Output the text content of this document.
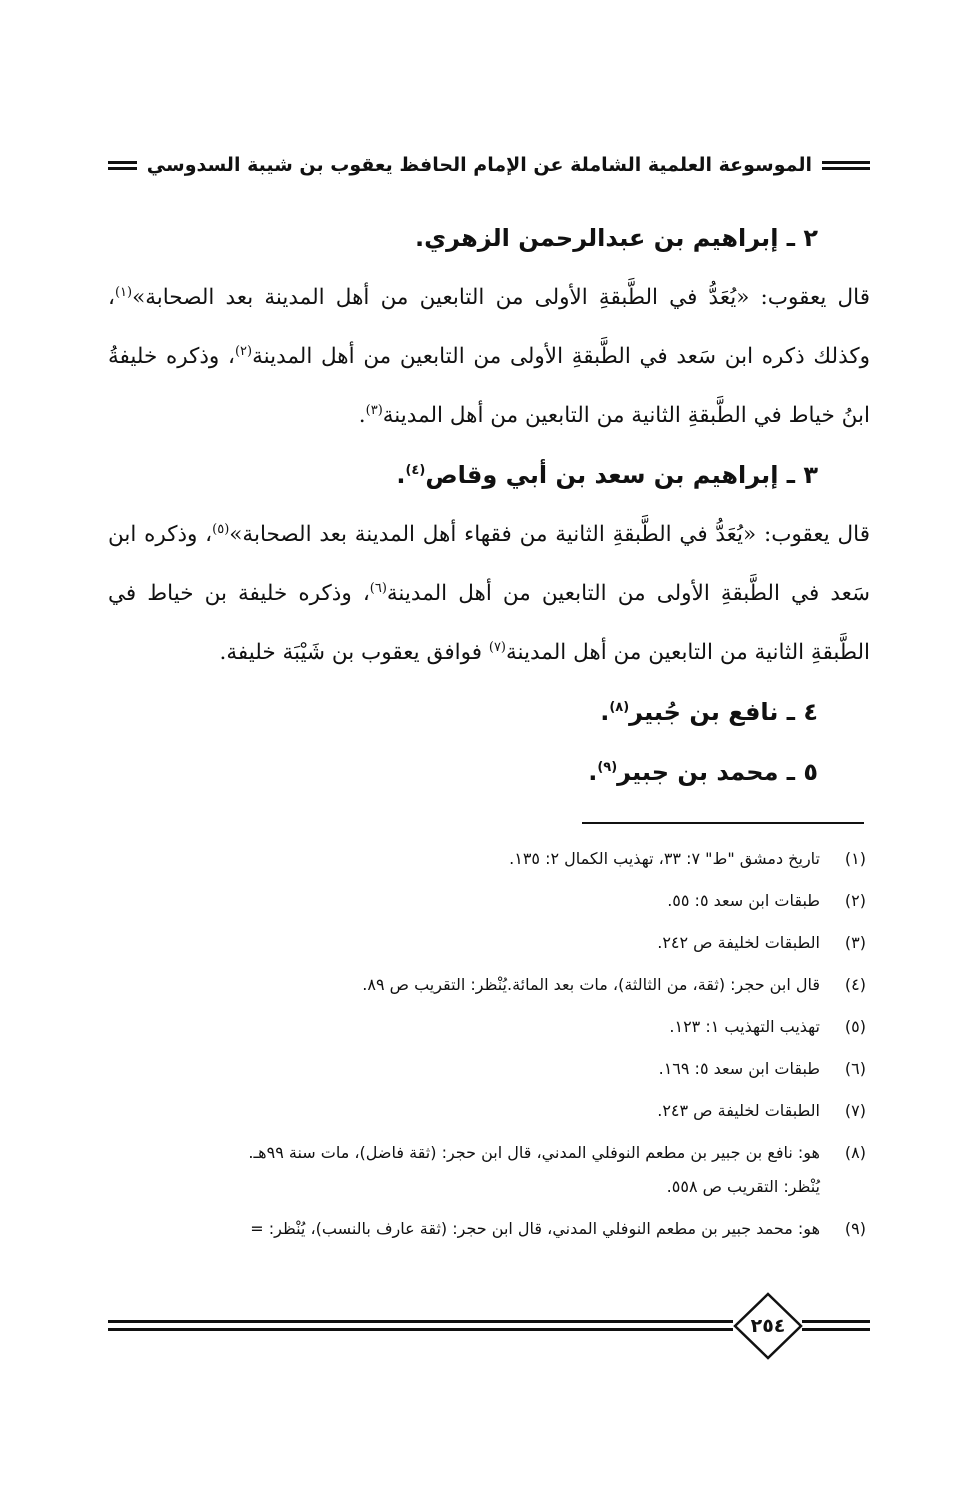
الموسوعة العلمية الشاملة عن الإمام الحافظ يعقوب بن شيبة السدوسي
٢ ـ إبراهيم بن عبدالرحمن الزهري.

قال يعقوب: «يُعَدُّ في الطَّبقةِ الأولى من التابعين من أهل المدينة بعد الصحابة»$^{(١)}$، وكذلك ذكره ابن سَعد في الطَّبقةِ الأولى من التابعين من أهل المدينة$^{(٢)}$، وذكره خليفةُ ابنُ خياط في الطَّبقةِ الثانية من التابعين من أهل المدينة$^{(٣)}$.

٣ ـ إبراهيم بن سعد بن أبي وقاص$^{(٤)}$.

قال يعقوب: «يُعَدُّ في الطَّبقةِ الثانية من فقهاء أهل المدينة بعد الصحابة»$^{(٥)}$، وذكره ابن سَعد في الطَّبقةِ الأولى من التابعين من أهل المدينة$^{(٦)}$، وذكره خليفة بن خياط في الطَّبقةِ الثانية من التابعين من أهل المدينة$^{(٧)}$ فوافق يعقوب بن شَيْبَة خليفة.

٤ ـ نافع بن جُبير$^{(٨)}$.
٥ ـ محمد بن جبير$^{(٩)}$.
(١)
تاريخ دمشق "ط" ٧: ٣٣، تهذيب الكمال ٢: ١٣٥.
(٢)
طبقات ابن سعد ٥: ٥٥.
(٣)
الطبقات لخليفة ص ٢٤٢.
(٤)
قال ابن حجر: (ثقة، من الثالثة)، مات بعد المائة.يُنْظر: التقريب ص ٨٩.
(٥)
تهذيب التهذيب ١: ١٢٣.
(٦)
طبقات ابن سعد ٥: ١٦٩.
(٧)
الطبقات لخليفة ص ٢٤٣.
(٨)
هو: نافع بن جبير بن مطعم النوفلي المدني، قال ابن حجر: (ثقة فاضل)، مات سنة ٩٩هـ.
يُنْظر: التقريب ص ٥٥٨.
(٩)
هو: محمد جبير بن مطعم النوفلي المدني، قال ابن حجر: (ثقة عارف بالنسب)، يُنْظر: =
٢٥٤
